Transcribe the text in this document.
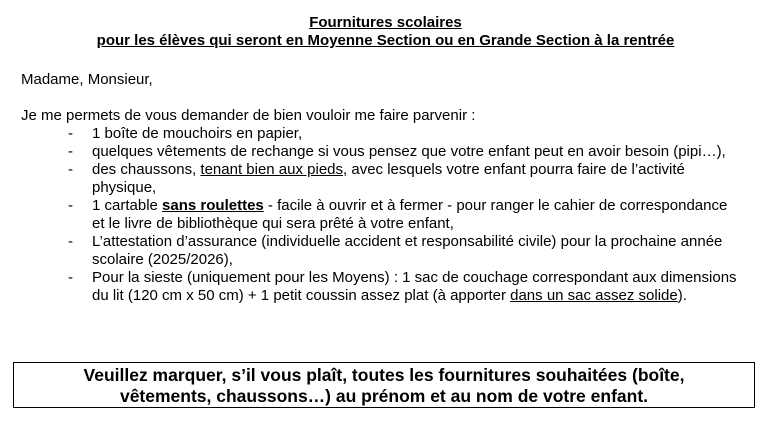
Fournitures scolaires
pour les élèves qui seront en Moyenne Section ou en Grande Section à la rentrée
Madame, Monsieur,
Je me permets de vous demander de bien vouloir me faire parvenir :
- 1 boîte de mouchoirs en papier,
- quelques vêtements de rechange si vous pensez que votre enfant peut en avoir besoin (pipi…),
- des chaussons, tenant bien aux pieds, avec lesquels votre enfant pourra faire de l’activité physique,
- 1 cartable sans roulettes - facile à ouvrir et à fermer - pour ranger le cahier de correspondance et le livre de bibliothèque qui sera prêté à votre enfant,
- L’attestation d’assurance (individuelle accident et responsabilité civile) pour la prochaine année scolaire (2025/2026),
- Pour la sieste (uniquement pour les Moyens) : 1 sac de couchage correspondant aux dimensions du lit (120 cm x 50 cm) + 1 petit coussin assez plat (à apporter dans un sac assez solide).
Veuillez marquer, s’il vous plaît, toutes les fournitures souhaitées (boîte,
vêtements, chaussons…) au prénom et au nom de votre enfant.
